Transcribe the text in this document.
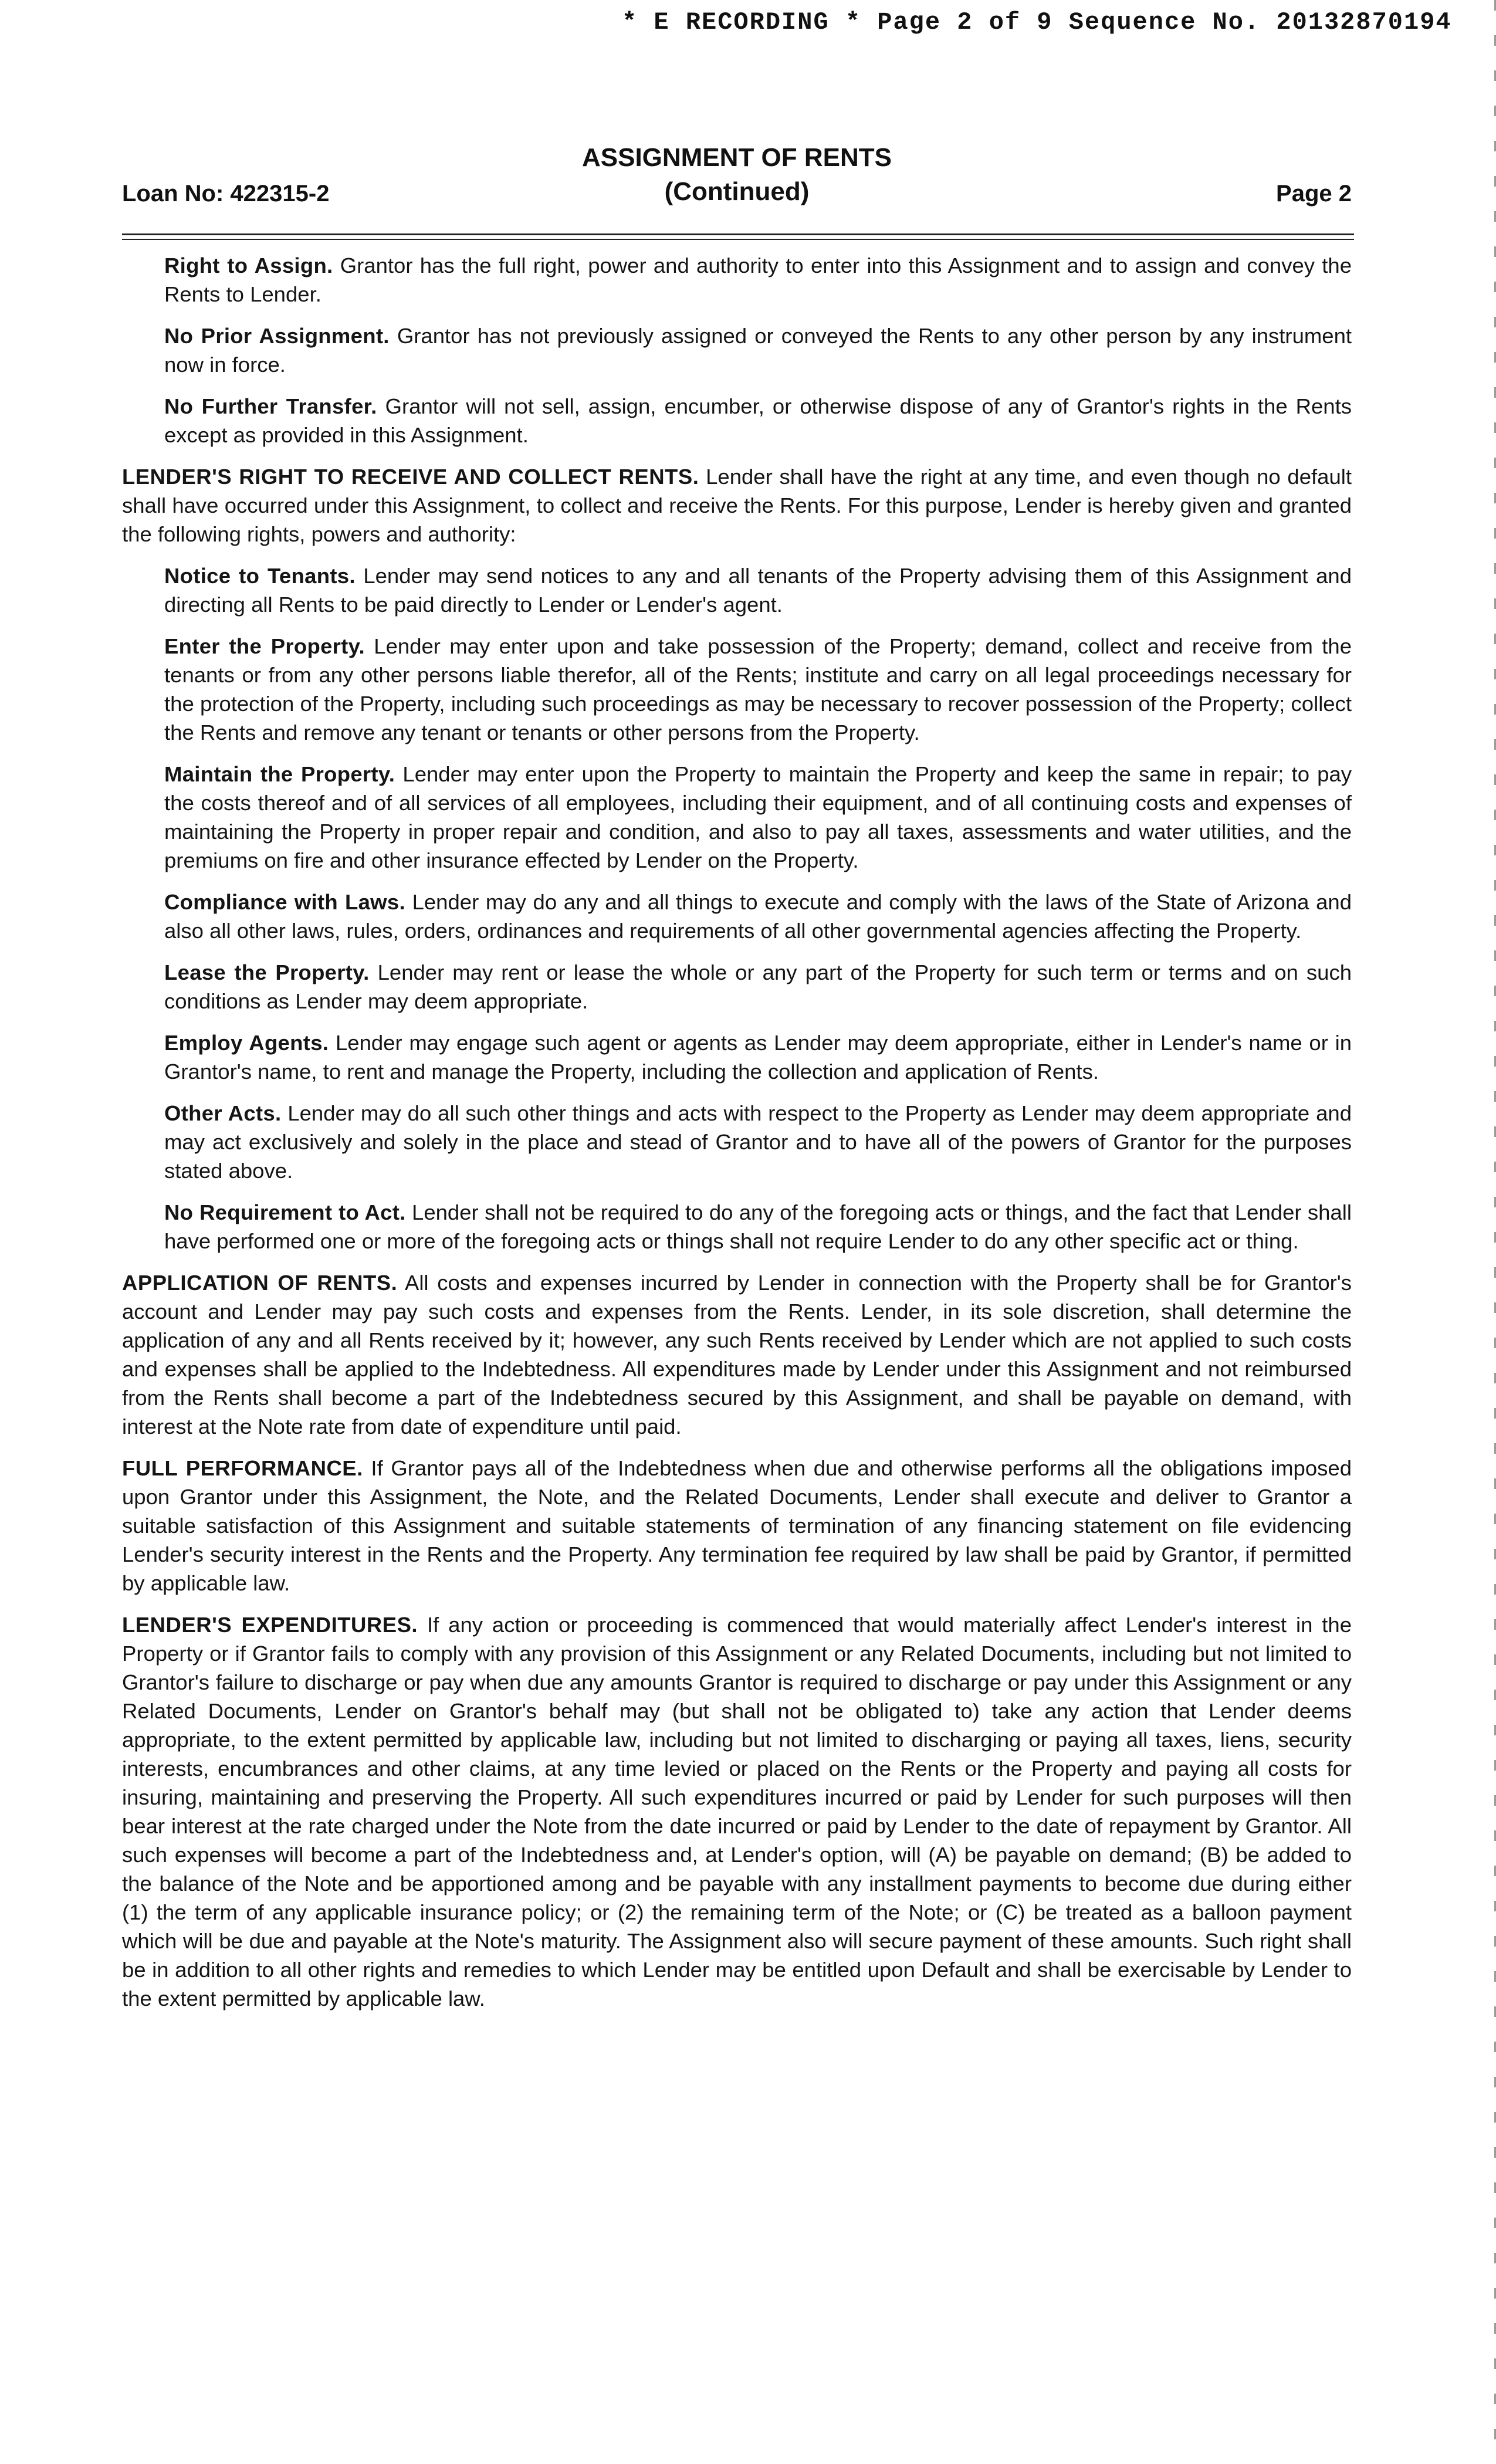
* E RECORDING * Page 2 of 9 Sequence No. 20132870194
Loan No: 422315-2
ASSIGNMENT OF RENTS
(Continued)	Page 2

Right to Assign. Grantor has the full right, power and authority to enter into this Assignment and to assign and convey the Rents to Lender.

No Prior Assignment. Grantor has not previously assigned or conveyed the Rents to any other person by any instrument now in force.

No Further Transfer. Grantor will not sell, assign, encumber, or otherwise dispose of any of Grantor's rights in the Rents except as provided in this Assignment.

LENDER'S RIGHT TO RECEIVE AND COLLECT RENTS. Lender shall have the right at any time, and even though no default shall have occurred under this Assignment, to collect and receive the Rents. For this purpose, Lender is hereby given and granted the following rights, powers and authority:

Notice to Tenants. Lender may send notices to any and all tenants of the Property advising them of this Assignment and directing all Rents to be paid directly to Lender or Lender's agent.

Enter the Property. Lender may enter upon and take possession of the Property; demand, collect and receive from the tenants or from any other persons liable therefor, all of the Rents; institute and carry on all legal proceedings necessary for the protection of the Property, including such proceedings as may be necessary to recover possession of the Property; collect the Rents and remove any tenant or tenants or other persons from the Property.

Maintain the Property. Lender may enter upon the Property to maintain the Property and keep the same in repair; to pay the costs thereof and of all services of all employees, including their equipment, and of all continuing costs and expenses of maintaining the Property in proper repair and condition, and also to pay all taxes, assessments and water utilities, and the premiums on fire and other insurance effected by Lender on the Property.

Compliance with Laws. Lender may do any and all things to execute and comply with the laws of the State of Arizona and also all other laws, rules, orders, ordinances and requirements of all other governmental agencies affecting the Property.

Lease the Property. Lender may rent or lease the whole or any part of the Property for such term or terms and on such conditions as Lender may deem appropriate.

Employ Agents. Lender may engage such agent or agents as Lender may deem appropriate, either in Lender's name or in Grantor's name, to rent and manage the Property, including the collection and application of Rents.

Other Acts. Lender may do all such other things and acts with respect to the Property as Lender may deem appropriate and may act exclusively and solely in the place and stead of Grantor and to have all of the powers of Grantor for the purposes stated above.

No Requirement to Act. Lender shall not be required to do any of the foregoing acts or things, and the fact that Lender shall have performed one or more of the foregoing acts or things shall not require Lender to do any other specific act or thing.

APPLICATION OF RENTS. All costs and expenses incurred by Lender in connection with the Property shall be for Grantor's account and Lender may pay such costs and expenses from the Rents. Lender, in its sole discretion, shall determine the application of any and all Rents received by it; however, any such Rents received by Lender which are not applied to such costs and expenses shall be applied to the Indebtedness. All expenditures made by Lender under this Assignment and not reimbursed from the Rents shall become a part of the Indebtedness secured by this Assignment, and shall be payable on demand, with interest at the Note rate from date of expenditure until paid.

FULL PERFORMANCE. If Grantor pays all of the Indebtedness when due and otherwise performs all the obligations imposed upon Grantor under this Assignment, the Note, and the Related Documents, Lender shall execute and deliver to Grantor a suitable satisfaction of this Assignment and suitable statements of termination of any financing statement on file evidencing Lender's security interest in the Rents and the Property. Any termination fee required by law shall be paid by Grantor, if permitted by applicable law.

LENDER'S EXPENDITURES. If any action or proceeding is commenced that would materially affect Lender's interest in the Property or if Grantor fails to comply with any provision of this Assignment or any Related Documents, including but not limited to Grantor's failure to discharge or pay when due any amounts Grantor is required to discharge or pay under this Assignment or any Related Documents, Lender on Grantor's behalf may (but shall not be obligated to) take any action that Lender deems appropriate, to the extent permitted by applicable law, including but not limited to discharging or paying all taxes, liens, security interests, encumbrances and other claims, at any time levied or placed on the Rents or the Property and paying all costs for insuring, maintaining and preserving the Property. All such expenditures incurred or paid by Lender for such purposes will then bear interest at the rate charged under the Note from the date incurred or paid by Lender to the date of repayment by Grantor. All such expenses will become a part of the Indebtedness and, at Lender's option, will (A) be payable on demand; (B) be added to the balance of the Note and be apportioned among and be payable with any installment payments to become due during either (1) the term of any applicable insurance policy; or (2) the remaining term of the Note; or (C) be treated as a balloon payment which will be due and payable at the Note's maturity. The Assignment also will secure payment of these amounts. Such right shall be in addition to all other rights and remedies to which Lender may be entitled upon Default and shall be exercisable by Lender to the extent permitted by applicable law.
